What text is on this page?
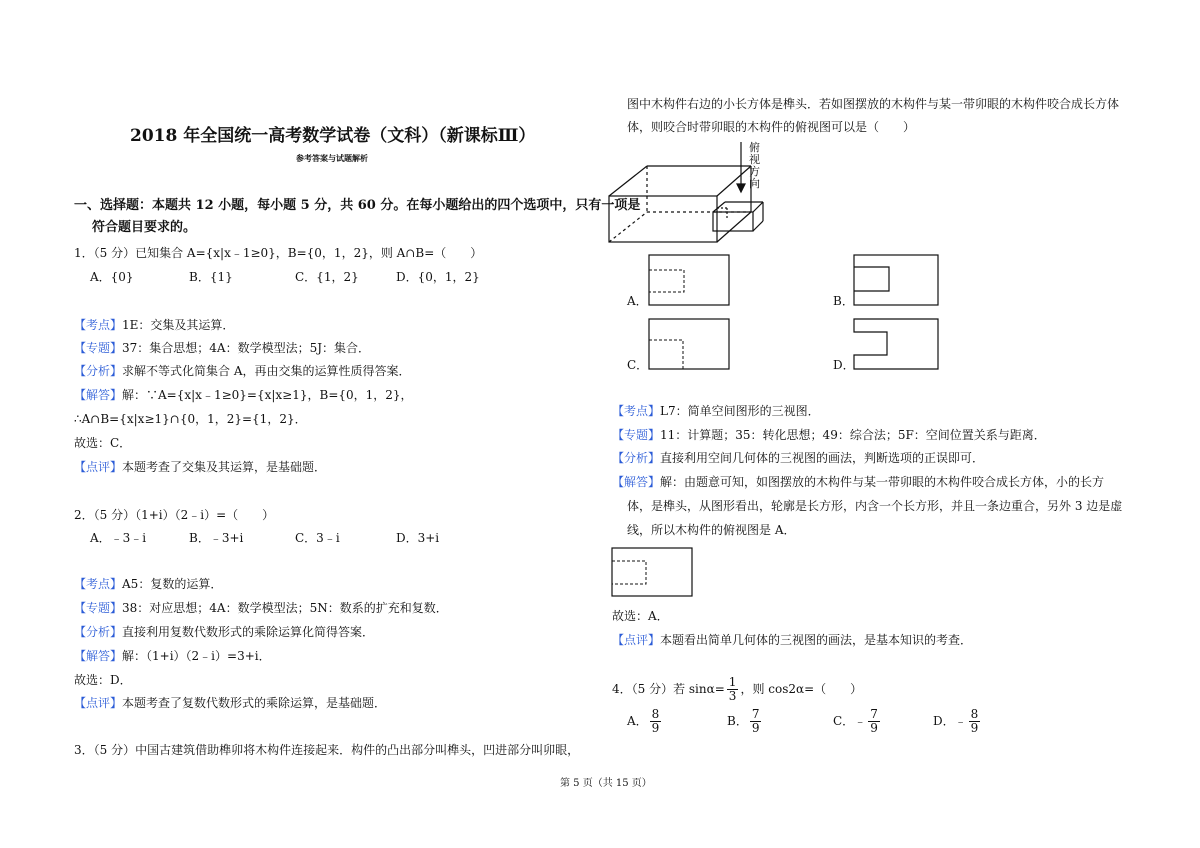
2018 年全国统一高考数学试卷（文科）（新课标Ⅲ）
参考答案与试题解析
一、选择题：本题共 12 小题，每小题 5 分，共 60 分。在每小题给出的四个选项中，只有一项是
符合题目要求的。
1．（5 分）已知集合 A={x|x﹣1≥0}，B={0，1，2}，则 A∩B=（　　）
A．{0}	B．{1}	C．{1，2}	D．{0，1，2}
【考点】1E：交集及其运算．
【专题】37：集合思想；4A：数学模型法；5J：集合．
【分析】求解不等式化简集合 A，再由交集的运算性质得答案．
【解答】解：∵A={x|x﹣1≥0}={x|x≥1}，B={0，1，2}，
∴A∩B={x|x≥1}∩{0，1，2}={1，2}．
故选：C．
【点评】本题考查了交集及其运算，是基础题．
2．（5 分）（1+i）（2﹣i）=（　　）
A．﹣3﹣i	B．﹣3+i	C．3﹣i	D．3+i
【考点】A5：复数的运算．
【专题】38：对应思想；4A：数学模型法；5N：数系的扩充和复数．
【分析】直接利用复数代数形式的乘除运算化简得答案．
【解答】解：（1+i）（2﹣i）=3+i．
故选：D．
【点评】本题考查了复数代数形式的乘除运算，是基础题．
3．（5 分）中国古建筑借助榫卯将木构件连接起来．构件的凸出部分叫榫头，凹进部分叫卯眼，
图中木构件右边的小长方体是榫头．若如图摆放的木构件与某一带卯眼的木构件咬合成长方体
体，则咬合时带卯眼的木构件的俯视图可以是（　　）
俯
视
方
向
A．	B．
C．	D．
【考点】L7：简单空间图形的三视图．
【专题】11：计算题；35：转化思想；49：综合法；5F：空间位置关系与距离．
【分析】直接利用空间几何体的三视图的画法，判断选项的正误即可．
【解答】解：由题意可知，如图摆放的木构件与某一带卯眼的木构件咬合成长方体，小的长方
体，是榫头，从图形看出，轮廓是长方形，内含一个长方形，并且一条边重合，另外 3 边是虚
线，所以木构件的俯视图是 A．
故选：A．
【点评】本题看出简单几何体的三视图的画法，是基本知识的考查．
4．（5 分）若 $\sin\alpha= \frac{1}{3}$ ，则 cos2α=（　　）
A． $\frac{8}{9}$	B． $\frac{7}{9}$	C．﹣ $\frac{7}{9}$	D．﹣ $\frac{8}{9}$
第 5 页（共 15 页）
